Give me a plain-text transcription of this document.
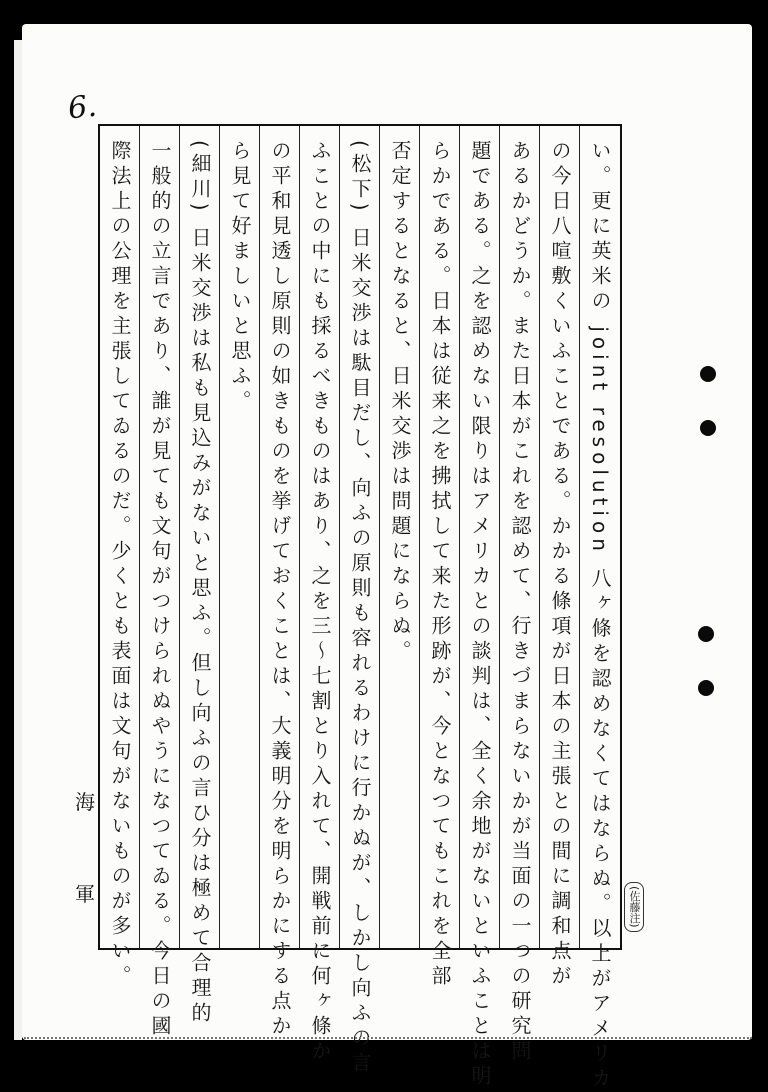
6.
い。更に英米の joint resolution 八ヶ條を認めなくてはならぬ。以上がアメリカ
の今日八喧敷くいふことである。かかる條項が日本の主張との間に調和点が
あるかどうか。また日本がこれを認めて、行きづまらないかが当面の一つの研究問
題である。之を認めない限りはアメリカとの談判は、全く余地がないといふことは明
らかである。日本は従来之を拂拭して来た形跡が、今となつてもこれを全部
否定するとなると、日米交渉は問題にならぬ。
(松下) 日米交渉は駄目だし、向ふの原則も容れるわけに行かぬが、しかし向ふの言
ふことの中にも採るべきものはあり、之を三〜七割とり入れて、開戦前に何ヶ條か
の平和見透し原則の如きものを挙げておくことは、大義明分を明らかにする点か
ら見て好ましいと思ふ。
(細川) 日米交渉は私も見込みがないと思ふ。但し向ふの言ひ分は極めて合理的
一般的の立言であり、誰が見ても文句がつけられぬやうになつてゐる。今日の國
際法上の公理を主張してゐるのだ。少くとも表面は文句がないものが多い。
海
軍	(佐藤注)
